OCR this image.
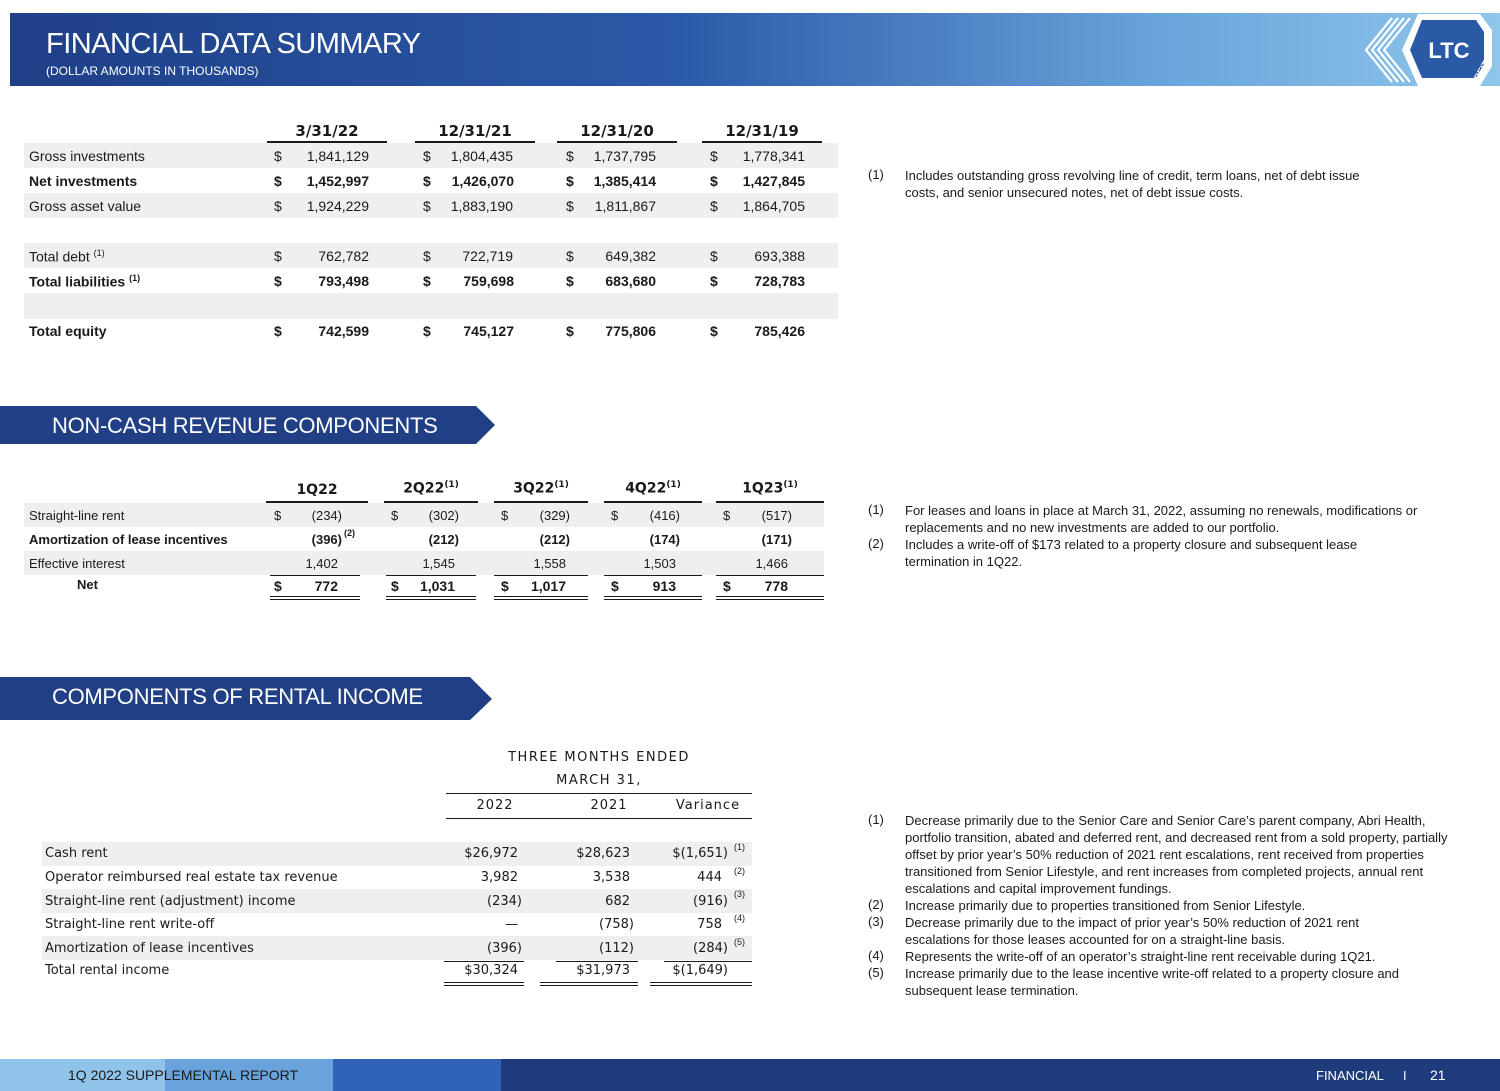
FINANCIAL DATA SUMMARY
(DOLLAR AMOUNTS IN THOUSANDS)
LTC
REIT
3/31/22	12/31/21	12/31/20	12/31/19
Gross investments	$	1,841,129	$	1,804,435	$	1,737,795	$	1,778,341
Net investments	$	1,452,997	$	1,426,070	$	1,385,414	$	1,427,845
Gross asset value	$	1,924,229	$	1,883,190	$	1,811,867	$	1,864,705
Total debt $^{(1)}$	$	762,782	$	722,719	$	649,382	$	693,388
Total liabilities $^{(1)}$	$	793,498	$	759,698	$	683,680	$	728,783
Total equity	$	742,599	$	745,127	$	775,806	$	785,426
(1) Includes outstanding gross revolving line of credit, term loans, net of debt issue costs, and senior unsecured notes, net of debt issue costs.
NON-CASH REVENUE COMPONENTS
1Q22	2Q22$^{(1)}$	3Q22$^{(1)}$	4Q22$^{(1)}$	1Q23$^{(1)}$
Straight-line rent	$	(234)	$	(302)	$	(329)	$	(416)	$	(517)
Amortization of lease incentives	(396) (2)	(212)	(212)	(174)	(171)
Effective interest	1,402	1,545	1,558	1,503	1,466
Net	$	772	$	1,031	$	1,017	$	913	$	778
(1) For leases and loans in place at March 31, 2022, assuming no renewals, modifications or replacements and no new investments are added to our portfolio.
(2) Includes a write-off of $173 related to a property closure and subsequent lease termination in 1Q22.
COMPONENTS OF RENTAL INCOME
THREE MONTHS ENDED
MARCH 31,
2022	2021	Variance
Cash rent	$26,972	$28,623	$(1,651) (1)
Operator reimbursed real estate tax revenue	3,982	3,538	444 (2)
Straight-line rent (adjustment) income	(234)	682	(916) (3)
Straight-line rent write-off	—	(758)	758 (4)
Amortization of lease incentives	(396)	(112)	(284) (5)
Total rental income	$30,324	$31,973	$(1,649)
(1) Decrease primarily due to the Senior Care and Senior Care’s parent company, Abri Health, portfolio transition, abated and deferred rent, and decreased rent from a sold property, partially offset by prior year’s 50% reduction of 2021 rent escalations, rent received from properties transitioned from Senior Lifestyle, and rent increases from completed projects, annual rent escalations and capital improvement fundings.
(2) Increase primarily due to properties transitioned from Senior Lifestyle.
(3) Decrease primarily due to the impact of prior year’s 50% reduction of 2021 rent escalations for those leases accounted for on a straight-line basis.
(4) Represents the write-off of an operator’s straight-line rent receivable during 1Q21.
(5) Increase primarily due to the lease incentive write-off related to a property closure and subsequent lease termination.
1Q 2022 SUPPLEMENTAL REPORT	FINANCIAL I 21
